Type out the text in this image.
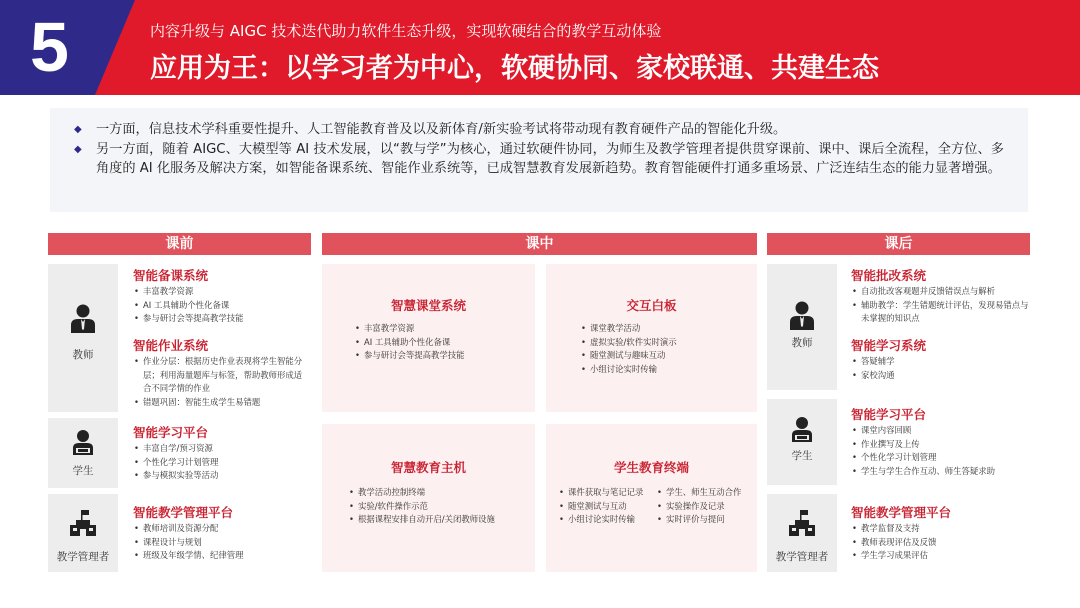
5	内容升级与 AIGC 技术迭代助力软件生态升级，实现软硬结合的教学互动体验
应用为王：以学习者为中心，软硬协同、家校联通、共建生态
◆	一方面，信息技术学科重要性提升、人工智能教育普及以及新体育/新实验考试将带动现有教育硬件产品的智能化升级。
◆	另一方面，随着 AIGC、大模型等 AI 技术发展，以“教与学”为核心，通过软硬件协同，为师生及教学管理者提供贯穿课前、课中、课后全流程，全方位、多角度的 AI 化服务及解决方案，如智能备课系统、智能作业系统等，已成智慧教育发展新趋势。教育智能硬件打通多重场景、广泛连结生态的能力显著增强。
课前	课中	课后
教师
智能备课系统
• 丰富教学资源
• AI 工具辅助个性化备课
• 参与研讨会等提高教学技能
智能作业系统
• 作业分层：根据历史作业表现将学生智能分层；利用海量题库与标签，帮助教师形成适合不同学情的作业
• 错题巩固：智能生成学生易错题
学生
智能学习平台
• 丰富自学/预习资源
• 个性化学习计划管理
• 参与模拟实验等活动
教学管理者
智能教学管理平台
• 教师培训及资源分配
• 课程设计与规划
• 班级及年级学情、纪律管理
智慧课堂系统
• 丰富教学资源
• AI 工具辅助个性化备课
• 参与研讨会等提高教学技能
交互白板
• 课堂教学活动
• 虚拟实验/软件实时演示
• 随堂测试与趣味互动
• 小组讨论实时传输
智慧教育主机
• 教学活动控制终端
• 实验/软件操作示范
• 根据课程安排自动开启/关闭教师设施
学生教育终端
• 课件获取与笔记记录
• 随堂测试与互动
• 小组讨论实时传输
• 学生、师生互动合作
• 实验操作及记录
• 实时评价与提问
教师
智能批改系统
• 自动批改客观题并反馈错误点与解析
• 辅助教学：学生错题统计评估，发现易错点与未掌握的知识点
智能学习系统
• 答疑辅学
• 家校沟通
学生
智能学习平台
• 课堂内容回顾
• 作业撰写及上传
• 个性化学习计划管理
• 学生与学生合作互动、师生答疑求助
教学管理者
智能教学管理平台
• 教学监督及支持
• 教师表现评估及反馈
• 学生学习成果评估
